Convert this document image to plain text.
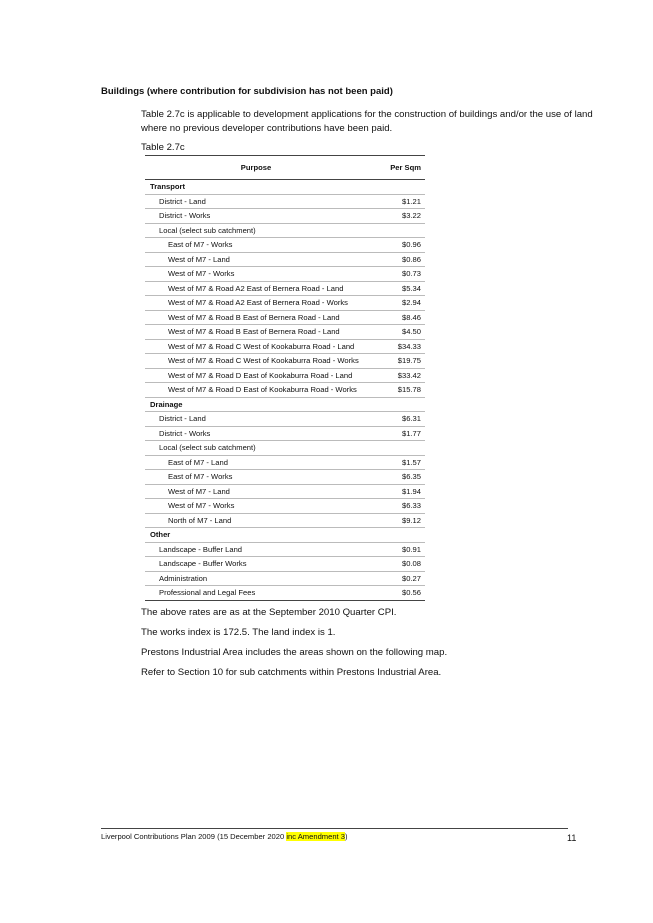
Buildings (where contribution for subdivision has not been paid)
Table 2.7c is applicable to development applications for the construction of buildings and/or the use of land where no previous developer contributions have been paid.
Table 2.7c
Purpose	Per Sqm
Transport	
District - Land	$1.21
District - Works	$3.22
Local (select sub catchment)	
East of M7 - Works	$0.96
West of M7 - Land	$0.86
West of M7 - Works	$0.73
West of M7 & Road A2 East of Bernera Road - Land	$5.34
West of M7 & Road A2 East of Bernera Road - Works	$2.94
West of M7 & Road B East of Bernera Road - Land	$8.46
West of M7 & Road B East of Bernera Road - Land	$4.50
West of M7 & Road C West of Kookaburra Road - Land	$34.33
West of M7 & Road C West of Kookaburra Road - Works	$19.75
West of M7 & Road D East of Kookaburra Road - Land	$33.42
West of M7 & Road D East of Kookaburra Road - Works	$15.78
Drainage	
District - Land	$6.31
District - Works	$1.77
Local (select sub catchment)	
East of M7 - Land	$1.57
East of M7 - Works	$6.35
West of M7 - Land	$1.94
West of M7 - Works	$6.33
North of M7 - Land	$9.12
Other	
Landscape - Buffer Land	$0.91
Landscape - Buffer Works	$0.08
Administration	$0.27
Professional and Legal Fees	$0.56

The above rates are as at the September 2010 Quarter CPI.

The works index is 172.5. The land index is 1.

Prestons Industrial Area includes the areas shown on the following map.

Refer to Section 10 for sub catchments within Prestons Industrial Area.

Liverpool Contributions Plan 2009 (15 December 2020 inc Amendment 3)	11
